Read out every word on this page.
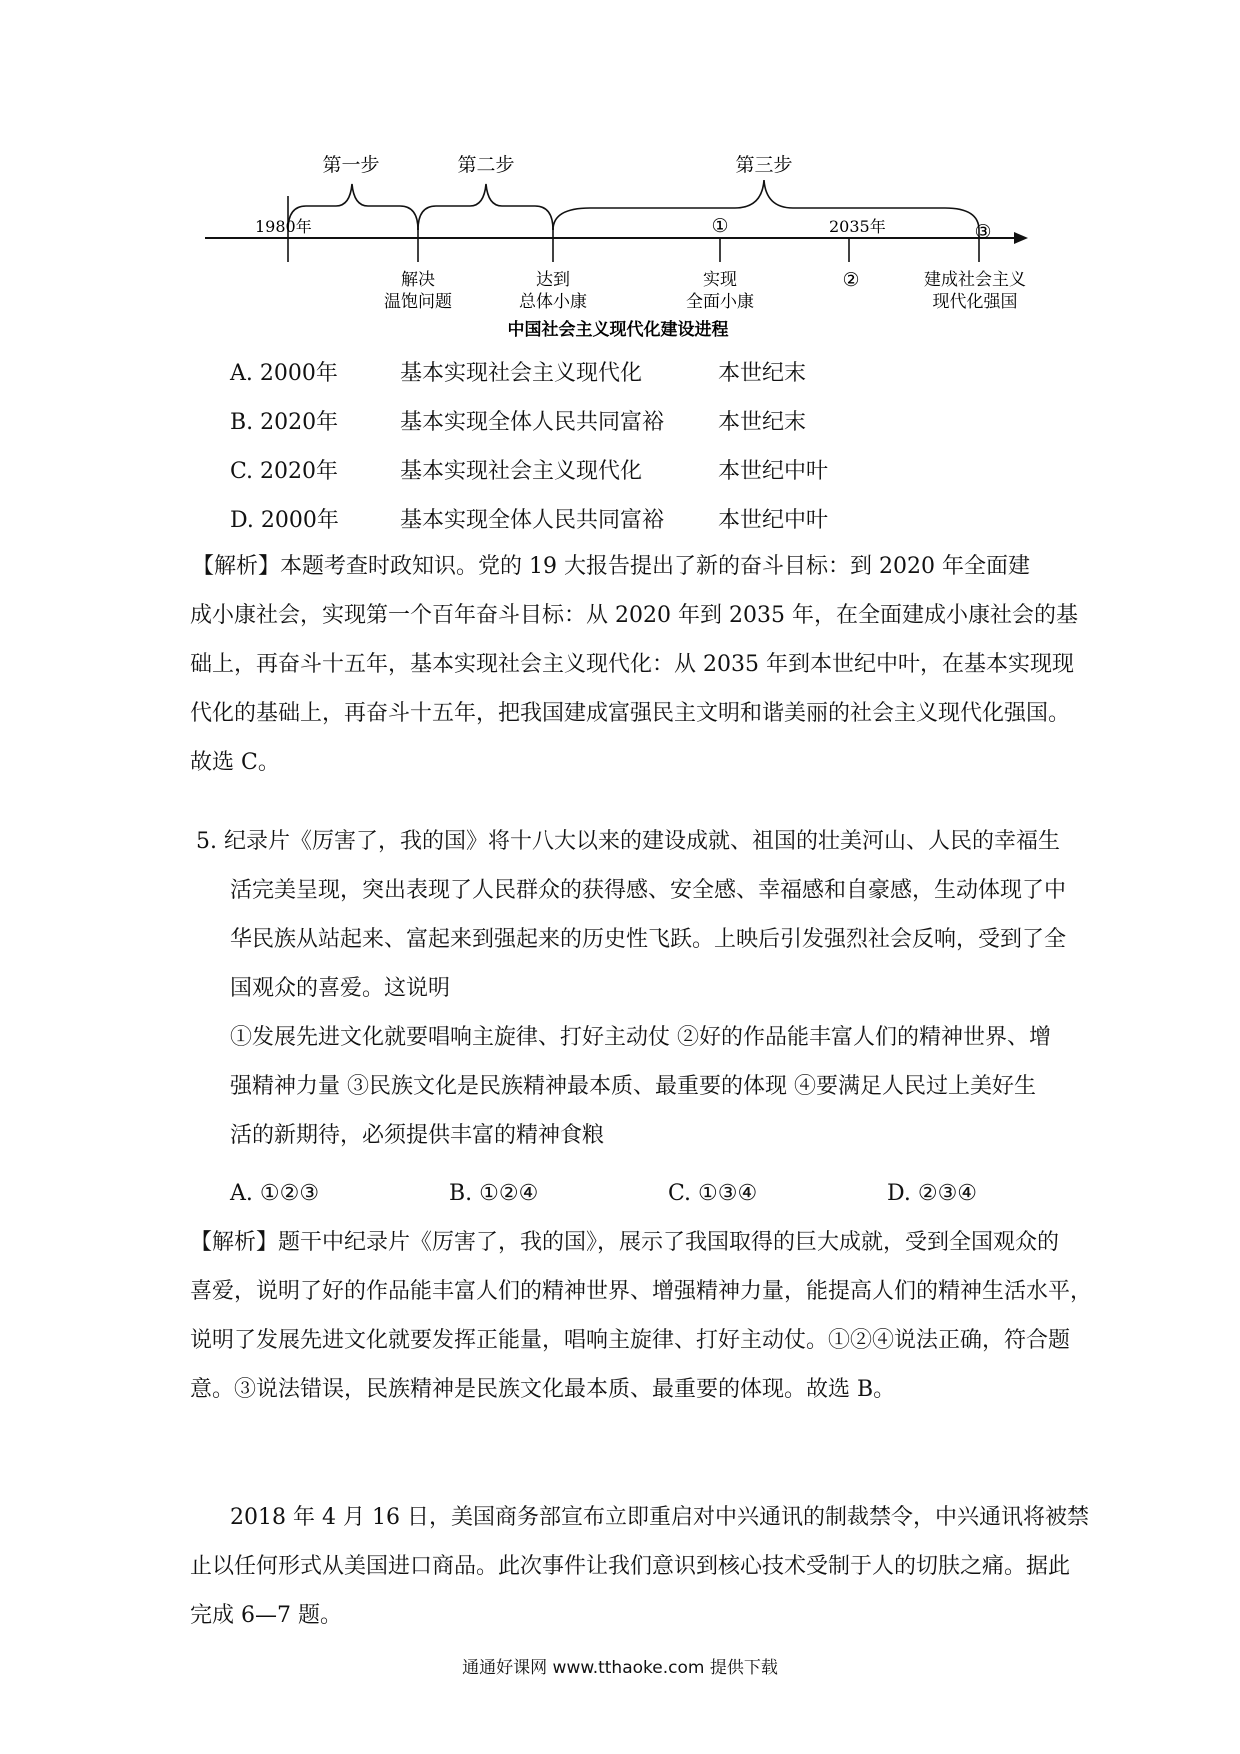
第一步	第二步	第三步
1980年	2035年
①
②
③
解决
温饱问题
达到
总体小康
实现
全面小康
建成社会主义
现代化强国
中国社会主义现代化建设进程
A. 2000年	基本实现社会主义现代化	本世纪末
B. 2020年	基本实现全体人民共同富裕 本世纪末
C. 2020年	基本实现社会主义现代化	本世纪中叶
D. 2000年	基本实现全体人民共同富裕 本世纪中叶
【解析】本题考查时政知识。党的 19 大报告提出了新的奋斗目标：到 2020 年全面建
成小康社会，实现第一个百年奋斗目标：从 2020 年到 2035 年，在全面建成小康社会的基
础上，再奋斗十五年，基本实现社会主义现代化：从 2035 年到本世纪中叶，在基本实现现
代化的基础上，再奋斗十五年，把我国建成富强民主文明和谐美丽的社会主义现代化强国。
故选 C。
5. 纪录片《厉害了，我的国》将十八大以来的建设成就、祖国的壮美河山、人民的幸福生
活完美呈现，突出表现了人民群众的获得感、安全感、幸福感和自豪感，生动体现了中
华民族从站起来、富起来到强起来的历史性飞跃。上映后引发强烈社会反响，受到了全
国观众的喜爱。这说明
①发展先进文化就要唱响主旋律、打好主动仗 ②好的作品能丰富人们的精神世界、增
强精神力量 ③民族文化是民族精神最本质、最重要的体现 ④要满足人民过上美好生
活的新期待，必须提供丰富的精神食粮
A. ①②③	B. ①②④	C. ①③④	D. ②③④
【解析】题干中纪录片《厉害了，我的国》，展示了我国取得的巨大成就，受到全国观众的
喜爱，说明了好的作品能丰富人们的精神世界、增强精神力量，能提高人们的精神生活水平，
说明了发展先进文化就要发挥正能量，唱响主旋律、打好主动仗。①②④说法正确，符合题
意。③说法错误，民族精神是民族文化最本质、最重要的体现。故选 B。
2018 年 4 月 16 日，美国商务部宣布立即重启对中兴通讯的制裁禁令，中兴通讯将被禁
止以任何形式从美国进口商品。此次事件让我们意识到核心技术受制于人的切肤之痛。据此
完成 6—7 题。
通通好课网 www.tthaoke.com 提供下载
